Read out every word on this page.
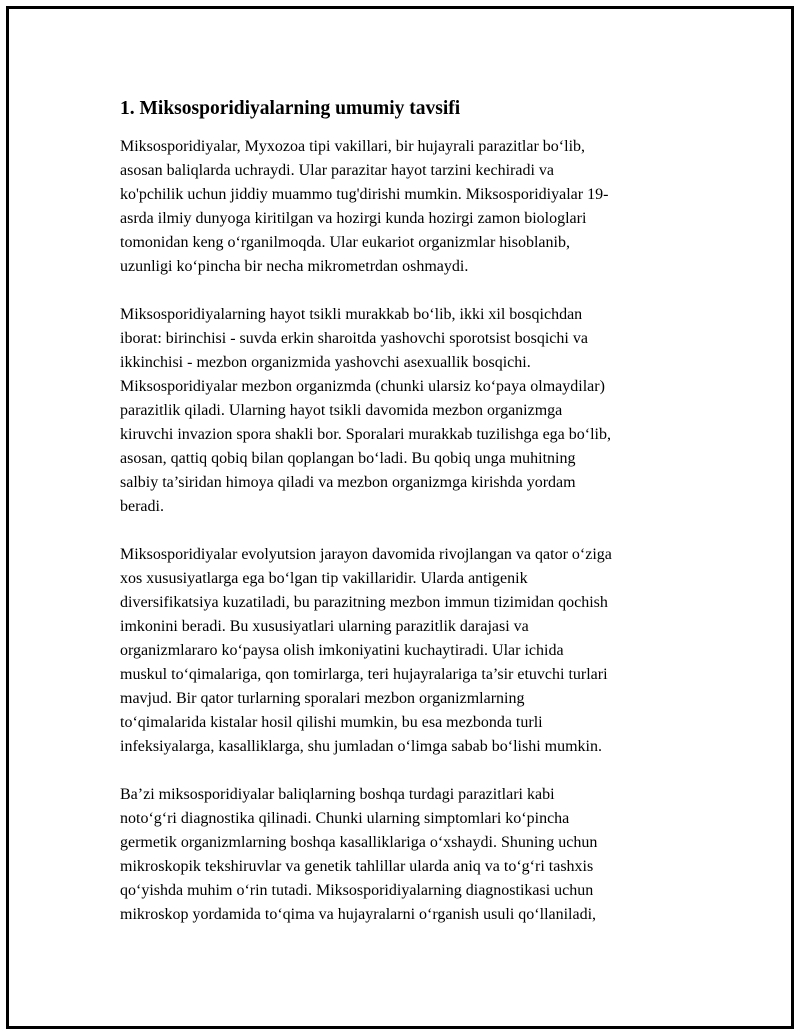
1. Miksosporidiyalarning umumiy tavsifi

Miksosporidiyalar, Myxozoa tipi vakillari, bir hujayrali parazitlar bo‘lib,
asosan baliqlarda uchraydi. Ular parazitar hayot tarzini kechiradi va
ko'pchilik uchun jiddiy muammo tug'dirishi mumkin. Miksosporidiyalar 19-
asrda ilmiy dunyoga kiritilgan va hozirgi kunda hozirgi zamon biologlari
tomonidan keng o‘rganilmoqda. Ular eukariot organizmlar hisoblanib,
uzunligi ko‘pincha bir necha mikrometrdan oshmaydi.

Miksosporidiyalarning hayot tsikli murakkab bo‘lib, ikki xil bosqichdan
iborat: birinchisi - suvda erkin sharoitda yashovchi sporotsist bosqichi va
ikkinchisi - mezbon organizmida yashovchi asexuallik bosqichi.
Miksosporidiyalar mezbon organizmda (chunki ularsiz ko‘paya olmaydilar)
parazitlik qiladi. Ularning hayot tsikli davomida mezbon organizmga
kiruvchi invazion spora shakli bor. Sporalari murakkab tuzilishga ega bo‘lib,
asosan, qattiq qobiq bilan qoplangan bo‘ladi. Bu qobiq unga muhitning
salbiy ta’siridan himoya qiladi va mezbon organizmga kirishda yordam
beradi.

Miksosporidiyalar evolyutsion jarayon davomida rivojlangan va qator o‘ziga
xos xususiyatlarga ega bo‘lgan tip vakillaridir. Ularda antigenik
diversifikatsiya kuzatiladi, bu parazitning mezbon immun tizimidan qochish
imkonini beradi. Bu xususiyatlari ularning parazitlik darajasi va
organizmlararo ko‘paysa olish imkoniyatini kuchaytiradi. Ular ichida
muskul to‘qimalariga, qon tomirlarga, teri hujayralariga ta’sir etuvchi turlari
mavjud. Bir qator turlarning sporalari mezbon organizmlarning
to‘qimalarida kistalar hosil qilishi mumkin, bu esa mezbonda turli
infeksiyalarga, kasalliklarga, shu jumladan o‘limga sabab bo‘lishi mumkin.

Ba’zi miksosporidiyalar baliqlarning boshqa turdagi parazitlari kabi
noto‘g‘ri diagnostika qilinadi. Chunki ularning simptomlari ko‘pincha
germetik organizmlarning boshqa kasalliklariga o‘xshaydi. Shuning uchun
mikroskopik tekshiruvlar va genetik tahlillar ularda aniq va to‘g‘ri tashxis
qo‘yishda muhim o‘rin tutadi. Miksosporidiyalarning diagnostikasi uchun
mikroskop yordamida to‘qima va hujayralarni o‘rganish usuli qo‘llaniladi,
